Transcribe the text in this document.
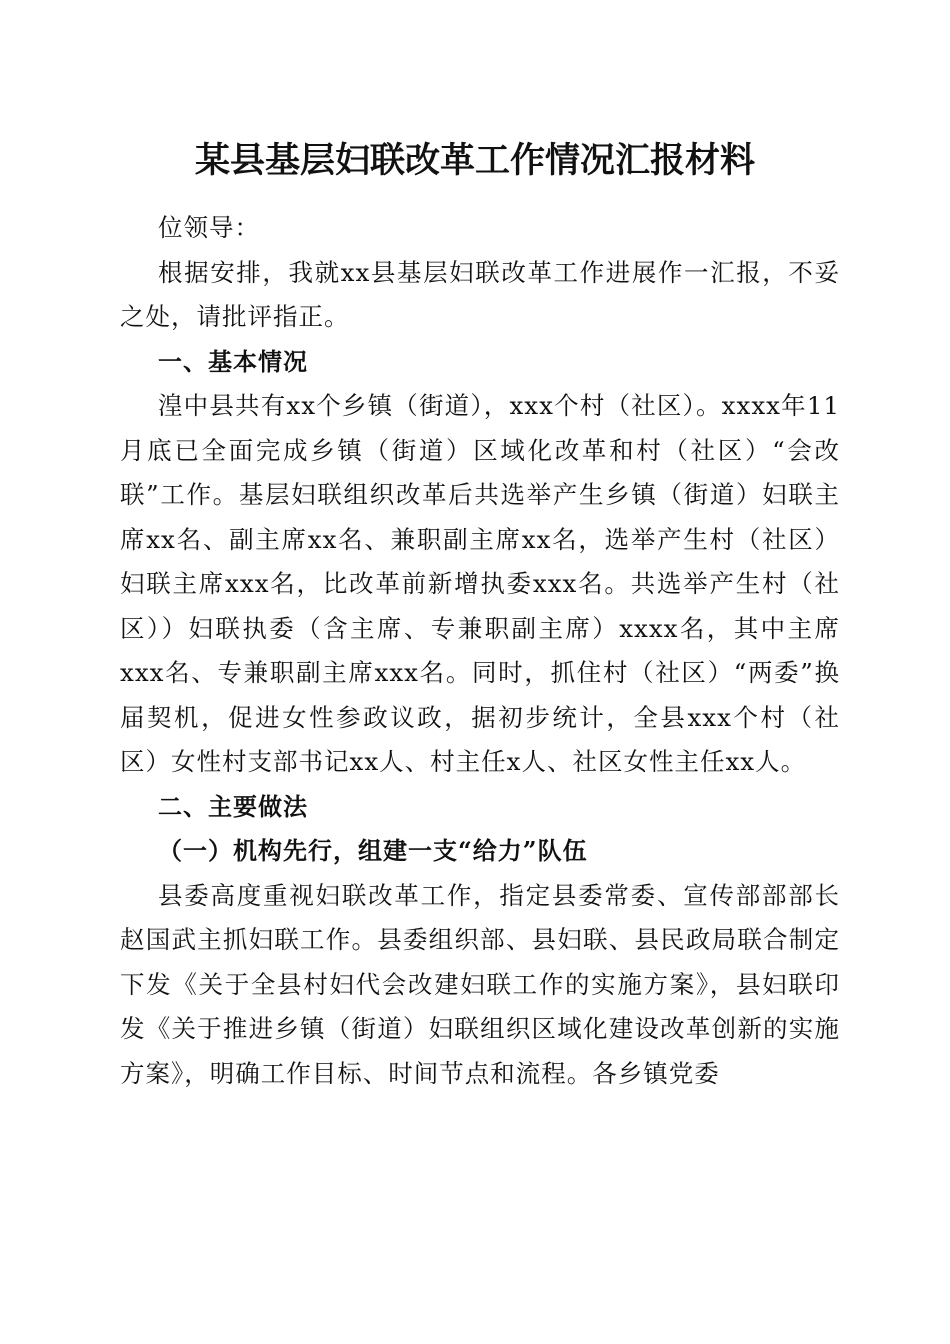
某县基层妇联改革工作情况汇报材料

位领导：

根据安排，我就xx县基层妇联改革工作进展作一汇报，不妥之处，请批评指正。

一、基本情况

湟中县共有xx个乡镇（街道），xxx个村（社区）。xxxx年11月底已全面完成乡镇（街道）区域化改革和村（社区）“会改联”工作。基层妇联组织改革后共选举产生乡镇（街道）妇联主席xx名、副主席xx名、兼职副主席xx名，选举产生村（社区）妇联主席xxx名，比改革前新增执委xxx名。共选举产生村（社区））妇联执委（含主席、专兼职副主席）xxxx名，其中主席xxx名、专兼职副主席xxx名。同时，抓住村（社区）“两委”换届契机，促进女性参政议政，据初步统计，全县xxx个村（社区）女性村支部书记xx人、村主任x人、社区女性主任xx人。

二、主要做法

（一）机构先行，组建一支“给力”队伍

县委高度重视妇联改革工作，指定县委常委、宣传部部部长赵国武主抓妇联工作。县委组织部、县妇联、县民政局联合制定下发《关于全县村妇代会改建妇联工作的实施方案》，县妇联印发《关于推进乡镇（街道）妇联组织区域化建设改革创新的实施方案》，明确工作目标、时间节点和流程。各乡镇党委
